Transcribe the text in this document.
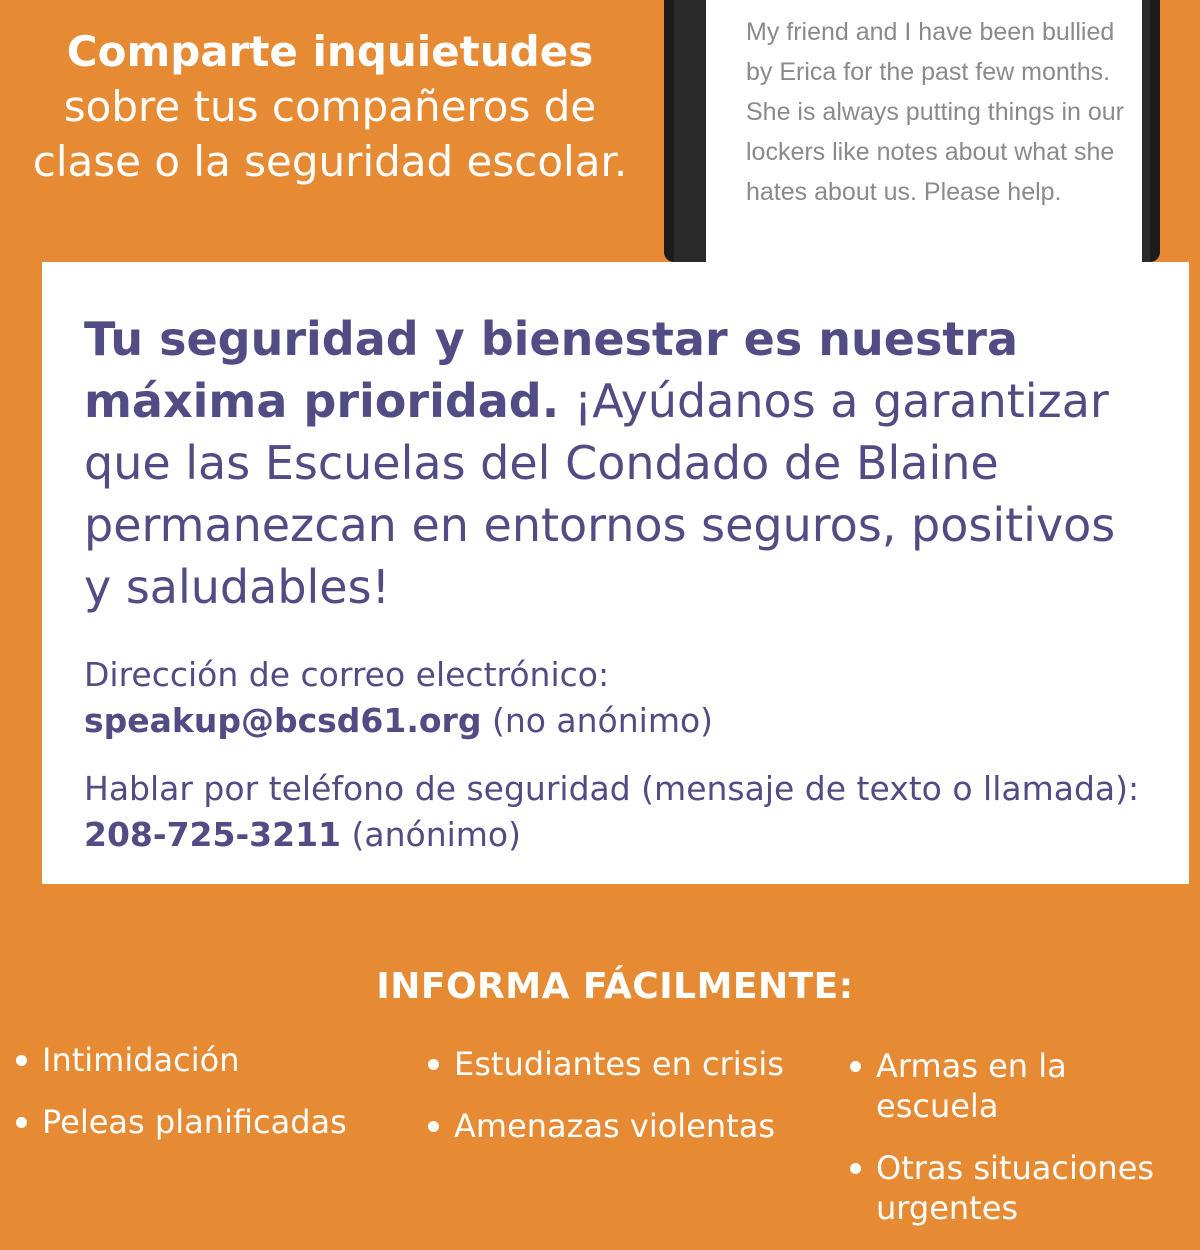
Comparte inquietudes
sobre tus compañeros de clase o la seguridad escolar.
My friend and I have been bullied by Erica for the past few months. She is always putting things in our lockers like notes about what she hates about us. Please help.
Tu seguridad y bienestar es nuestra máxima prioridad. ¡Ayúdanos a garantizar que las Escuelas del Condado de Blaine permanezcan en entornos seguros, positivos y saludables!
Dirección de correo electrónico:
speakup@bcsd61.org (no anónimo)
Hablar por teléfono de seguridad (mensaje de texto o llamada): 208-725-3211 (anónimo)
INFORMA FÁCILMENTE:
Intimidación
Peleas planificadas
Estudiantes en crisis
Amenazas violentas
Armas en la escuela
Otras situaciones urgentes
